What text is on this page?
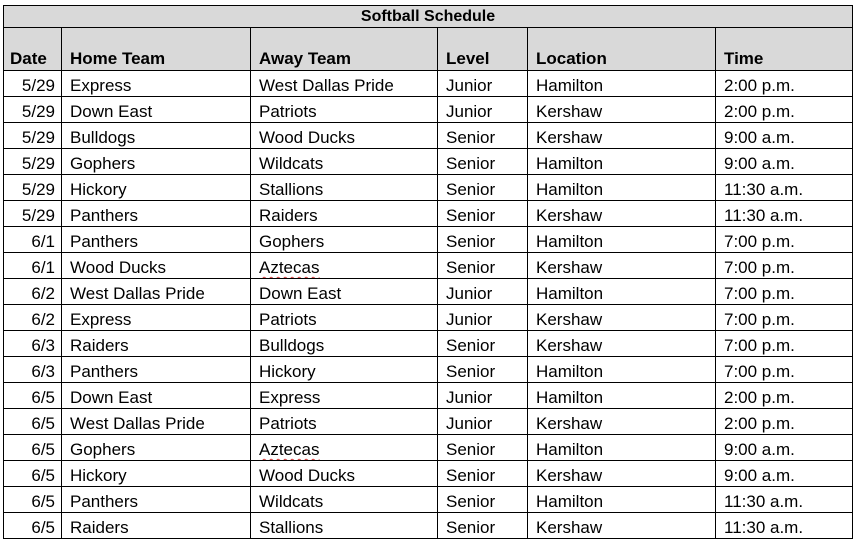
Softball Schedule					
Date	Home Team	Away Team	Level	Location	Time
5/29	Express	West Dallas Pride	Junior	Hamilton	2:00 p.m.
5/29	Down East	Patriots	Junior	Kershaw	2:00 p.m.
5/29	Bulldogs	Wood Ducks	Senior	Kershaw	9:00 a.m.
5/29	Gophers	Wildcats	Senior	Hamilton	9:00 a.m.
5/29	Hickory	Stallions	Senior	Hamilton	11:30 a.m.
5/29	Panthers	Raiders	Senior	Kershaw	11:30 a.m.
6/1	Panthers	Gophers	Senior	Hamilton	7:00 p.m.
6/1	Wood Ducks	Aztecas	Senior	Kershaw	7:00 p.m.
6/2	West Dallas Pride	Down East	Junior	Hamilton	7:00 p.m.
6/2	Express	Patriots	Junior	Kershaw	7:00 p.m.
6/3	Raiders	Bulldogs	Senior	Kershaw	7:00 p.m.
6/3	Panthers	Hickory	Senior	Hamilton	7:00 p.m.
6/5	Down East	Express	Junior	Hamilton	2:00 p.m.
6/5	West Dallas Pride	Patriots	Junior	Kershaw	2:00 p.m.
6/5	Gophers	Aztecas	Senior	Hamilton	9:00 a.m.
6/5	Hickory	Wood Ducks	Senior	Kershaw	9:00 a.m.
6/5	Panthers	Wildcats	Senior	Hamilton	11:30 a.m.
6/5	Raiders	Stallions	Senior	Kershaw	11:30 a.m.
